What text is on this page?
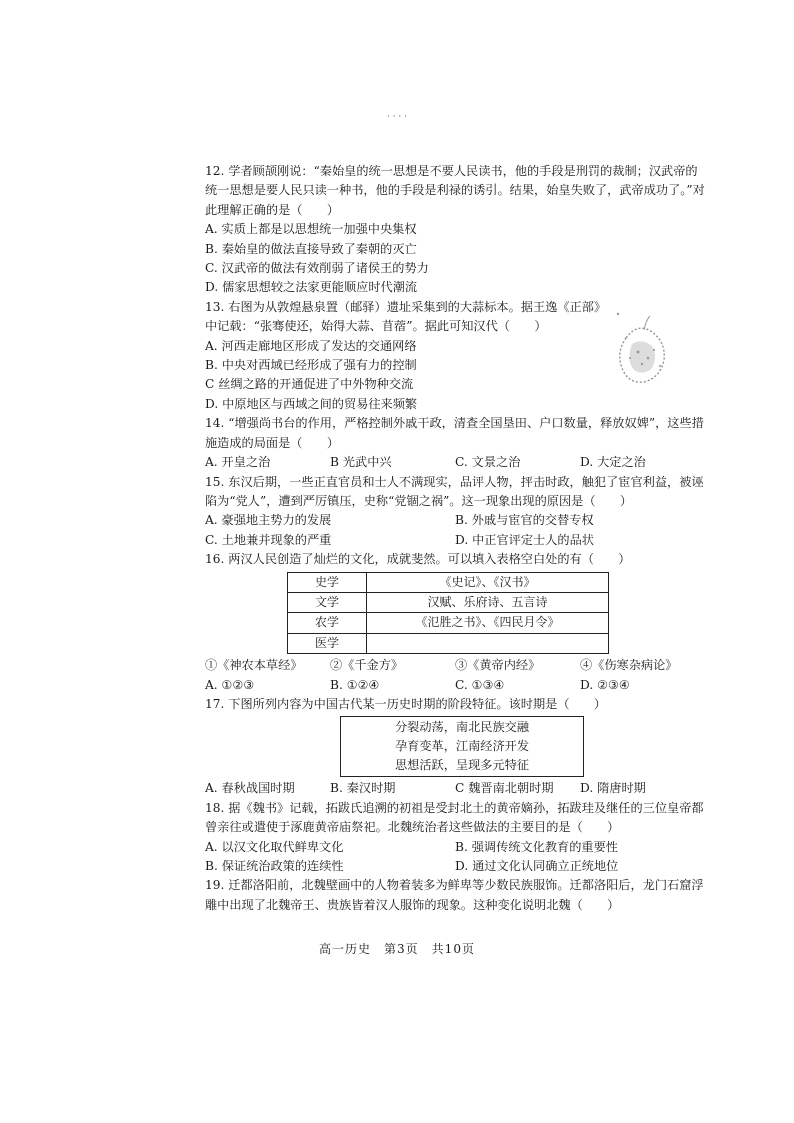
· · · ·

12. 学者顾颉刚说：“秦始皇的统一思想是不要人民读书，他的手段是刑罚的裁制；汉武帝的统一思想是要人民只读一种书，他的手段是利禄的诱引。结果，始皇失败了，武帝成功了。”对此理解正确的是（　　）

A. 实质上都是以思想统一加强中央集权

B. 秦始皇的做法直接导致了秦朝的灭亡

C. 汉武帝的做法有效削弱了诸侯王的势力

D. 儒家思想较之法家更能顺应时代潮流

13. 右图为从敦煌悬泉置（邮驿）遗址采集到的大蒜标本。据王逸《正部》中记载：“张骞使还，始得大蒜、苜蓿”。据此可知汉代（　　）

A. 河西走廊地区形成了发达的交通网络

B. 中央对西域已经形成了强有力的控制

C 丝绸之路的开通促进了中外物种交流

D. 中原地区与西域之间的贸易往来频繁

14. “增强尚书台的作用，严格控制外戚干政，清查全国垦田、户口数量，释放奴婢”，这些措施造成的局面是（　　）

A. 开皇之治	B 光武中兴	C. 文景之治	D. 大定之治

15. 东汉后期，一些正直官员和士人不满现实，品评人物，抨击时政，触犯了宦官利益，被诬陷为“党人”，遭到严厉镇压，史称“党锢之祸”。这一现象出现的原因是（　　）

A. 豪强地主势力的发展	B. 外戚与宦官的交替专权
C. 土地兼并现象的严重	D. 中正官评定士人的品状

16. 两汉人民创造了灿烂的文化，成就斐然。可以填入表格空白处的有（　　）

史学	《史记》、《汉书》
文学	汉赋、乐府诗、五言诗
农学	《氾胜之书》、《四民月令》
医学	
①《神农本草经》	②《千金方》	③《黄帝内经》	④《伤寒杂病论》
A. ①②③	B. ①②④	C. ①③④	D. ②③④

17. 下图所列内容为中国古代某一历史时期的阶段特征。该时期是（　　）

分裂动荡，南北民族交融
孕育变革，江南经济开发
思想活跃，呈现多元特征
A. 春秋战国时期	B. 秦汉时期	C 魏晋南北朝时期	D. 隋唐时期

18. 据《魏书》记载，拓跋氏追溯的初祖是受封北土的黄帝嫡孙，拓跋珪及继任的三位皇帝都曾亲往或遣使于涿鹿黄帝庙祭祀。北魏统治者这些做法的主要目的是（　　）

A. 以汉文化取代鲜卑文化	B. 强调传统文化教育的重要性
B. 保证统治政策的连续性	D. 通过文化认同确立正统地位

19. 迁都洛阳前，北魏壁画中的人物着装多为鲜卑等少数民族服饰。迁都洛阳后，龙门石窟浮雕中出现了北魏帝王、贵族皆着汉人服饰的现象。这种变化说明北魏（　　）

高一历史　第3页　共10页
